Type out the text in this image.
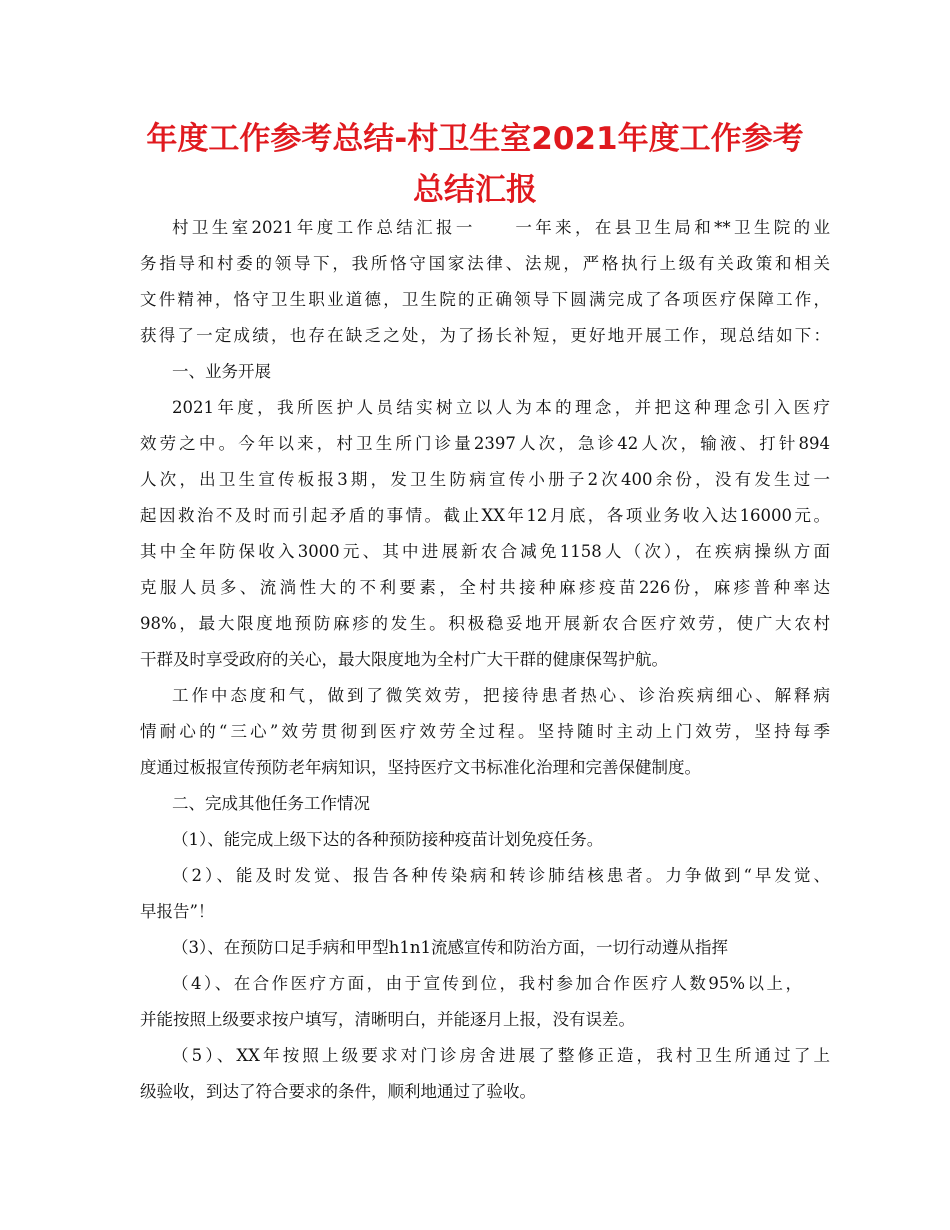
年度工作参考总结-村卫生室2021年度工作参考
总结汇报
村卫生室2021年度工作总结汇报一　　一年来，在县卫生局和**卫生院的业
务指导和村委的领导下，我所恪守国家法律、法规，严格执行上级有关政策和相关
文件精神，恪守卫生职业道德，卫生院的正确领导下圆满完成了各项医疗保障工作，
获得了一定成绩，也存在缺乏之处，为了扬长补短，更好地开展工作，现总结如下：
一、业务开展
2021年度，我所医护人员结实树立以人为本的理念，并把这种理念引入医疗
效劳之中。今年以来，村卫生所门诊量2397人次，急诊42人次，输液、打针894
人次，出卫生宣传板报3期，发卫生防病宣传小册子2次400余份，没有发生过一
起因救治不及时而引起矛盾的事情。截止XX年12月底，各项业务收入达16000元。
其中全年防保收入3000元、其中进展新农合减免1158人（次），在疾病操纵方面
克服人员多、流淌性大的不利要素，全村共接种麻疹疫苗226份，麻疹普种率达
98%，最大限度地预防麻疹的发生。积极稳妥地开展新农合医疗效劳，使广大农村
干群及时享受政府的关心，最大限度地为全村广大干群的健康保驾护航。
工作中态度和气，做到了微笑效劳，把接待患者热心、诊治疾病细心、解释病
情耐心的“三心”效劳贯彻到医疗效劳全过程。坚持随时主动上门效劳，坚持每季
度通过板报宣传预防老年病知识，坚持医疗文书标准化治理和完善保健制度。
二、完成其他任务工作情况
（1）、能完成上级下达的各种预防接种疫苗计划免疫任务。
（2）、能及时发觉、报告各种传染病和转诊肺结核患者。力争做到“早发觉、
早报告”！
（3）、在预防口足手病和甲型h1n1流感宣传和防治方面，一切行动遵从指挥
（4）、在合作医疗方面，由于宣传到位，我村参加合作医疗人数95%以上，
并能按照上级要求按户填写，清晰明白，并能逐月上报，没有误差。
（5）、XX年按照上级要求对门诊房舍进展了整修正造，我村卫生所通过了上
级验收，到达了符合要求的条件，顺利地通过了验收。
